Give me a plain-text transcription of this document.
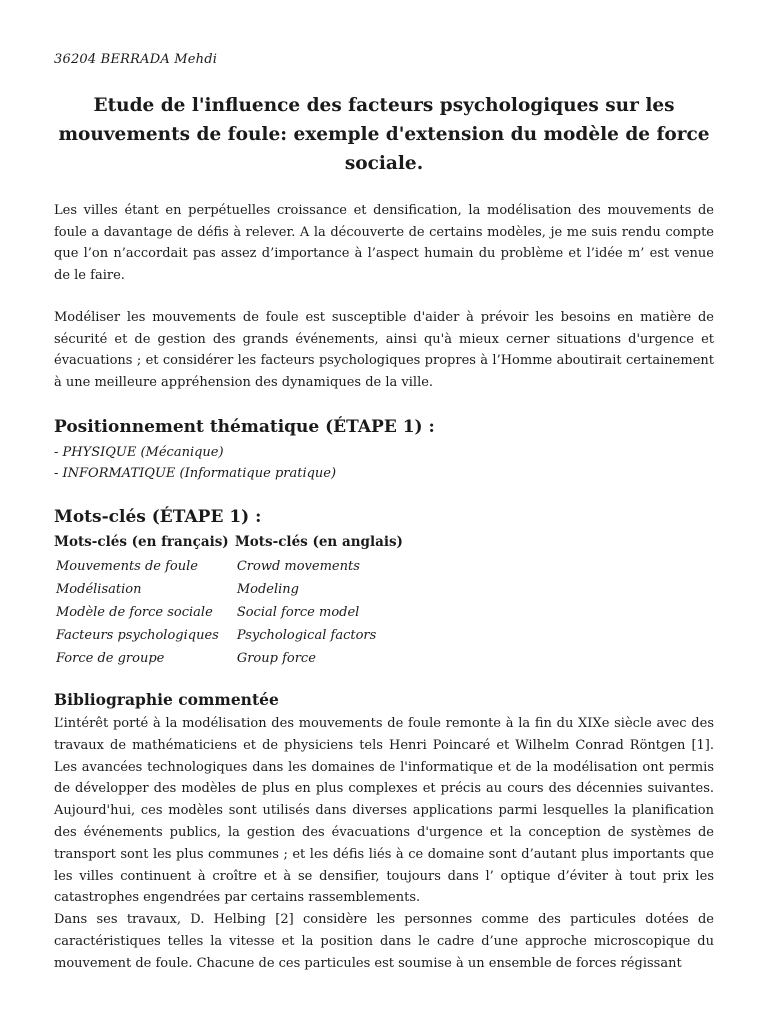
36204 BERRADA Mehdi
Etude de l'influence des facteurs psychologiques sur les mouvements de foule: exemple d'extension du modèle de force sociale.

Les villes étant en perpétuelles croissance et densification, la modélisation des mouvements de foule a davantage de défis à relever. A la découverte de certains modèles, je me suis rendu compte que l’on n’accordait pas assez d’importance à l’aspect humain du problème et l’idée m’ est venue de le faire.

Modéliser les mouvements de foule est susceptible d'aider à prévoir les besoins en matière de sécurité et de gestion des grands événements, ainsi qu'à mieux cerner situations d'urgence et évacuations ; et considérer les facteurs psychologiques propres à l’Homme aboutirait certainement à une meilleure appréhension des dynamiques de la ville.

Positionnement thématique (ÉTAPE 1) :
- PHYSIQUE (Mécanique)
- INFORMATIQUE (Informatique pratique)
Mots-clés (ÉTAPE 1) :
Mots-clés (en français)	Mots-clés (en anglais)
Mouvements de foule	Crowd movements
Modélisation	Modeling
Modèle de force sociale	Social force model
Facteurs psychologiques	Psychological factors
Force de groupe	Group force
Bibliographie commentée

L’intérêt porté à la modélisation des mouvements de foule remonte à la fin du XIXe siècle avec des travaux de mathématiciens et de physiciens tels Henri Poincaré et Wilhelm Conrad Röntgen [1]. Les avancées technologiques dans les domaines de l'informatique et de la modélisation ont permis de développer des modèles de plus en plus complexes et précis au cours des décennies suivantes. Aujourd'hui, ces modèles sont utilisés dans diverses applications parmi lesquelles la planification des événements publics, la gestion des évacuations d'urgence et la conception de systèmes de transport sont les plus communes ; et les défis liés à ce domaine sont d’autant plus importants que les villes continuent à croître et à se densifier, toujours dans l’ optique d’éviter à tout prix les catastrophes engendrées par certains rassemblements.

Dans ses travaux, D. Helbing [2] considère les personnes comme des particules dotées de caractéristiques telles la vitesse et la position dans le cadre d’une approche microscopique du mouvement de foule. Chacune de ces particules est soumise à un ensemble de forces régissant
